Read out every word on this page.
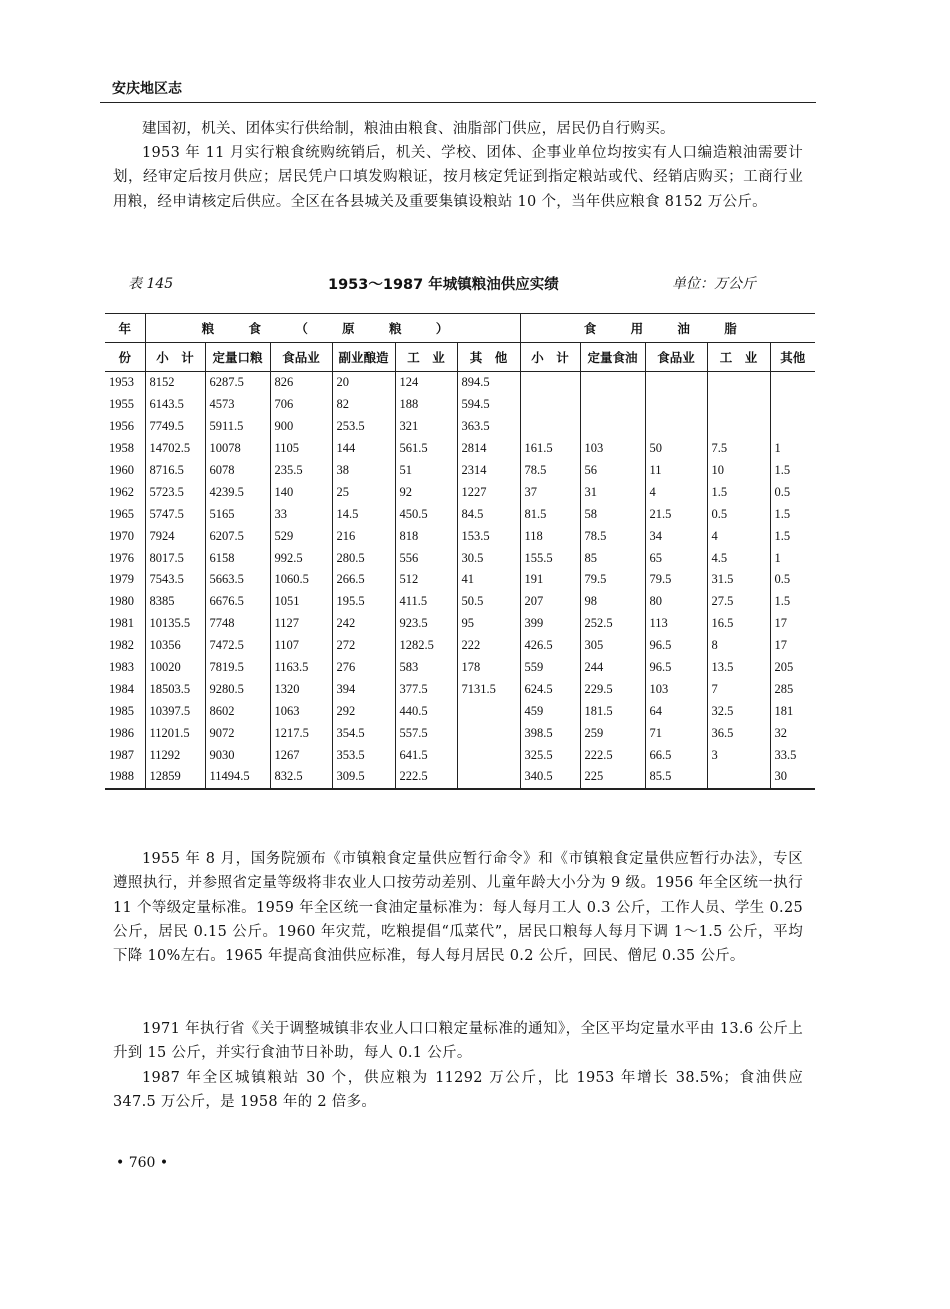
安庆地区志

建国初，机关、团体实行供给制，粮油由粮食、油脂部门供应，居民仍自行购买。

1953 年 11 月实行粮食统购统销后，机关、学校、团体、企事业单位均按实有人口编造粮油需要计划，经审定后按月供应；居民凭户口填发购粮证，按月核定凭证到指定粮站或代、经销店购买；工商行业用粮，经申请核定后供应。全区在各县城关及重要集镇设粮站 10 个，当年供应粮食 8152 万公斤。

表 145	1953～1987 年城镇粮油供应实绩	单位：万公斤
年	粮 食 （ 原 粮 ）						食 用 油 脂				
份	小　计	定量口粮	食品业	副业酿造	工　业	其　他	小　计	定量食油	食品业	工　业	其他
1953	8152	6287.5	826	20	124	894.5					
1955	6143.5	4573	706	82	188	594.5					
1956	7749.5	5911.5	900	253.5	321	363.5					
1958	14702.5	10078	1105	144	561.5	2814	161.5	103	50	7.5	1
1960	8716.5	6078	235.5	38	51	2314	78.5	56	11	10	1.5
1962	5723.5	4239.5	140	25	92	1227	37	31	4	1.5	0.5
1965	5747.5	5165	33	14.5	450.5	84.5	81.5	58	21.5	0.5	1.5
1970	7924	6207.5	529	216	818	153.5	118	78.5	34	4	1.5
1976	8017.5	6158	992.5	280.5	556	30.5	155.5	85	65	4.5	1
1979	7543.5	5663.5	1060.5	266.5	512	41	191	79.5	79.5	31.5	0.5
1980	8385	6676.5	1051	195.5	411.5	50.5	207	98	80	27.5	1.5
1981	10135.5	7748	1127	242	923.5	95	399	252.5	113	16.5	17
1982	10356	7472.5	1107	272	1282.5	222	426.5	305	96.5	8	17
1983	10020	7819.5	1163.5	276	583	178	559	244	96.5	13.5	205
1984	18503.5	9280.5	1320	394	377.5	7131.5	624.5	229.5	103	7	285
1985	10397.5	8602	1063	292	440.5		459	181.5	64	32.5	181
1986	11201.5	9072	1217.5	354.5	557.5		398.5	259	71	36.5	32
1987	11292	9030	1267	353.5	641.5		325.5	222.5	66.5	3	33.5
1988	12859	11494.5	832.5	309.5	222.5		340.5	225	85.5		30

1955 年 8 月，国务院颁布《市镇粮食定量供应暂行命令》和《市镇粮食定量供应暂行办法》，专区遵照执行，并参照省定量等级将非农业人口按劳动差别、儿童年龄大小分为 9 级。1956 年全区统一执行 11 个等级定量标准。1959 年全区统一食油定量标准为：每人每月工人 0.3 公斤，工作人员、学生 0.25 公斤，居民 0.15 公斤。1960 年灾荒，吃粮提倡“瓜菜代”，居民口粮每人每月下调 1～1.5 公斤，平均下降 10%左右。1965 年提高食油供应标准，每人每月居民 0.2 公斤，回民、僧尼 0.35 公斤。

1971 年执行省《关于调整城镇非农业人口口粮定量标准的通知》，全区平均定量水平由 13.6 公斤上升到 15 公斤，并实行食油节日补助，每人 0.1 公斤。

1987 年全区城镇粮站 30 个，供应粮为 11292 万公斤，比 1953 年增长 38.5%；食油供应 347.5 万公斤，是 1958 年的 2 倍多。

• 760 •
